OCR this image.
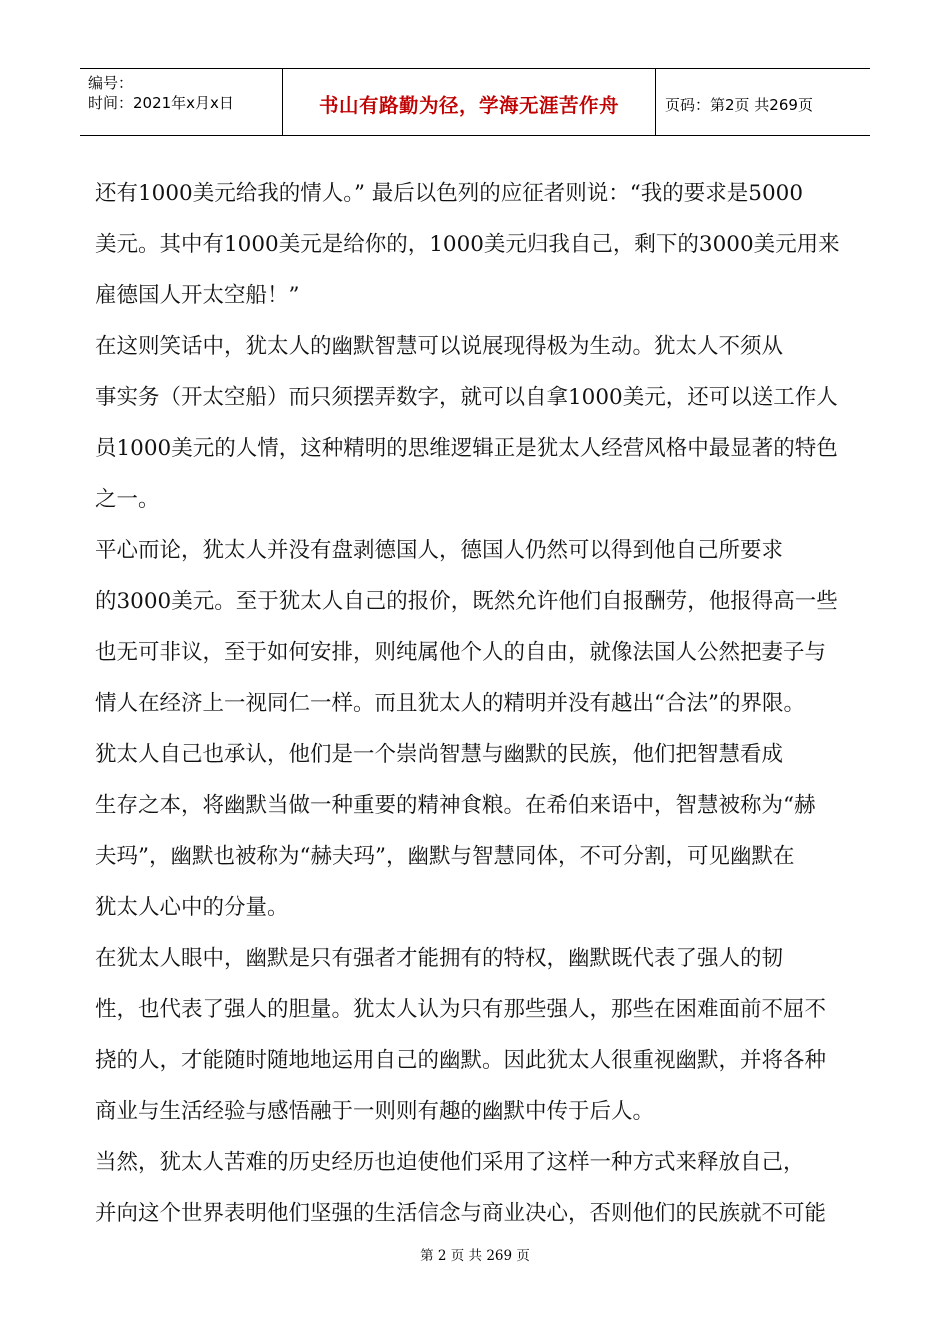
编号：
时间：2021年x月x日	书山有路勤为径，学海无涯苦作舟	页码：第2页 共269页
还有1000美元给我的情人。” 最后以色列的应征者则说：“我的要求是5000
美元。其中有1000美元是给你的，1000美元归我自己，剩下的3000美元用来
雇德国人开太空船！”
在这则笑话中，犹太人的幽默智慧可以说展现得极为生动。犹太人不须从
事实务（开太空船）而只须摆弄数字，就可以自拿1000美元，还可以送工作人
员1000美元的人情，这种精明的思维逻辑正是犹太人经营风格中最显著的特色
之一。
平心而论，犹太人并没有盘剥德国人，德国人仍然可以得到他自己所要求
的3000美元。至于犹太人自己的报价，既然允许他们自报酬劳，他报得高一些
也无可非议，至于如何安排，则纯属他个人的自由，就像法国人公然把妻子与
情人在经济上一视同仁一样。而且犹太人的精明并没有越出“合法”的界限。
犹太人自己也承认，他们是一个崇尚智慧与幽默的民族，他们把智慧看成
生存之本，将幽默当做一种重要的精神食粮。在希伯来语中，智慧被称为“赫
夫玛”，幽默也被称为“赫夫玛”，幽默与智慧同体，不可分割，可见幽默在
犹太人心中的分量。
在犹太人眼中，幽默是只有强者才能拥有的特权，幽默既代表了强人的韧
性，也代表了强人的胆量。犹太人认为只有那些强人，那些在困难面前不屈不
挠的人，才能随时随地地运用自己的幽默。因此犹太人很重视幽默，并将各种
商业与生活经验与感悟融于一则则有趣的幽默中传于后人。
当然，犹太人苦难的历史经历也迫使他们采用了这样一种方式来释放自己，
并向这个世界表明他们坚强的生活信念与商业决心，否则他们的民族就不可能
第 2 页 共 269 页
